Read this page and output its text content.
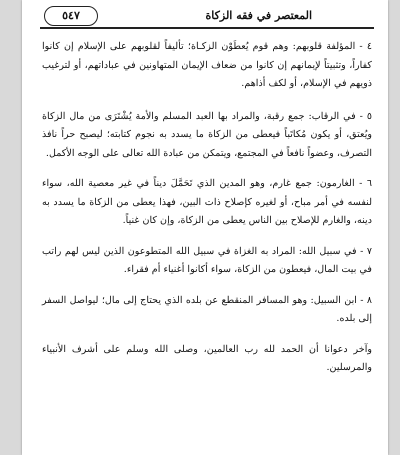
المعتصر في فقه الزكاة
٥٤٧

٤ - المؤلفة قلوبهم: وهم قوم يُعطَوْن الزكـاة؛ تأليفاً لقلوبهم على الإسلام إن كانوا كفاراً، وتثبيتاً لإيمانهم إن كانوا من ضعاف الإيمان المتهاونين في عباداتهم، أو لترغيب ذويهم في الإسلام، أو لكف أذاهم.

٥ - في الرقاب: جمع رقبة، والمراد بها العبد المسلم والأمة يُشْتَرَى من مال الزكاة ويُعتق، أو يكون مُكاتَباً فيعطى من الزكاة ما يسدد به نجوم كتابته؛ ليصبح حراً نافذ التصرف، وعضواً نافعاً في المجتمع، ويتمكن من عبادة الله تعالى على الوجه الأكمل.

٦ - الغارمون: جمع غارم، وهو المدين الذي تَحَمَّلَ ديناً في غير معصية الله، سواء لنفسه في أمر مباح، أو لغيره كإصلاح ذات البين، فهذا يعطى من الزكاة ما يسدد به دينه، والغارم للإصلاح بين الناس يعطى من الزكاة، وإن كان غنياً.

٧ - في سبيل الله: المراد به الغزاة في سبيل الله المتطوعون الذين ليس لهم راتب في بيت المال، فيعطون من الزكاة، سواء أكانوا أغنياء أم فقراء.

٨ - ابن السبيل: وهو المسافر المنقطع عن بلده الذي يحتاج إلى مال؛ ليواصل السفر إلى بلده.

وآخر دعوانا أن الحمد لله رب العالمين، وصلى الله وسلم على أشرف الأنبياء والمرسلين.
